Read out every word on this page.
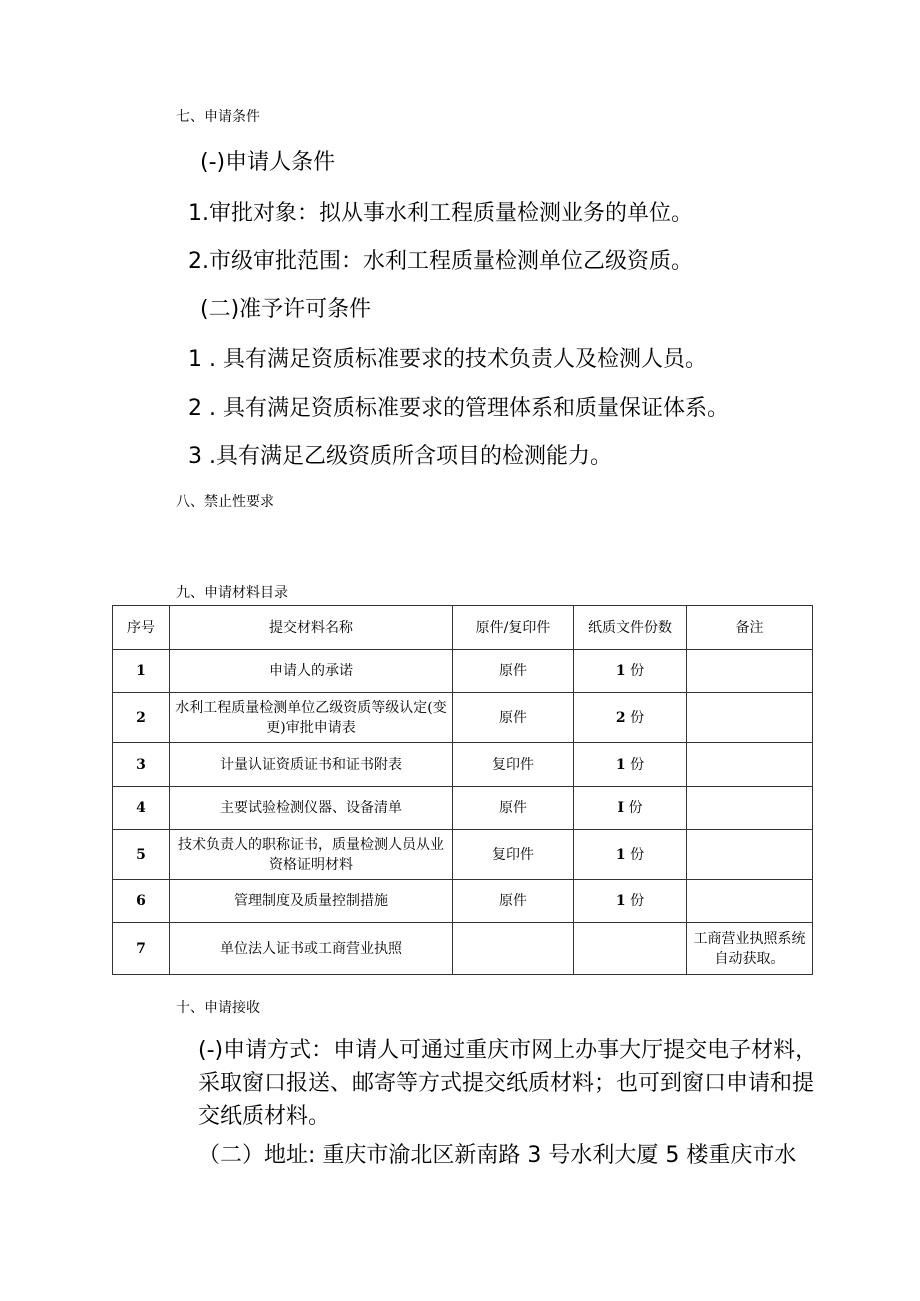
七、申请条件
(-)申请人条件
1.审批对象：拟从事水利工程质量检测业务的单位。
2.市级审批范围：水利工程质量检测单位乙级资质。
(二)准予许可条件
1 . 具有满足资质标准要求的技术负责人及检测人员。
2 . 具有满足资质标准要求的管理体系和质量保证体系。
3 .具有满足乙级资质所含项目的检测能力。
八、禁止性要求
九、申请材料目录
序号	提交材料名称	原件/复印件	纸质文件份数	备注
1	申请人的承诺	原件	1 份	
2	水利工程质量检测单位乙级资质等级认定(变更)审批申请表	原件	2 份	
3	计量认证资质证书和证书附表	复印件	1 份	
4	主要试验检测仪器、设备清单	原件	I 份	
5	技术负责人的职称证书，质量检测人员从业资格证明材料	复印件	1 份	
6	管理制度及质量控制措施	原件	1 份	
7	单位法人证书或工商营业执照			工商营业执照系统自动获取。
十、申请接收
(-)申请方式：申请人可通过重庆市网上办事大厅提交电子材料，采取窗口报送、邮寄等方式提交纸质材料；也可到窗口申请和提交纸质材料。
（二）地址: 重庆市渝北区新南路 3 号水利大厦 5 楼重庆市水
